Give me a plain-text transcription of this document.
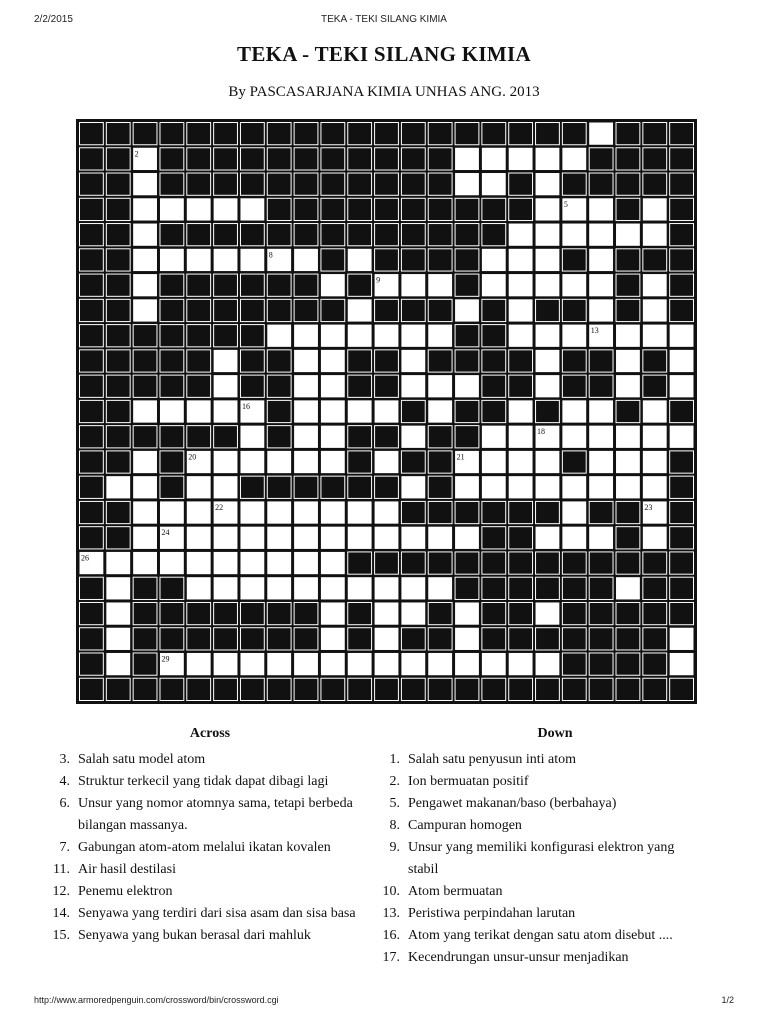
2/2/2015	TEKA - TEKI SILANG KIMIA
TEKA - TEKI SILANG KIMIA
By PASCASARJANA KIMIA UNHAS ANG. 2013
2
5
8
9
13
16
18
20	21
22	23
24
26
29
Across	Down
3. Salah satu model atom
4. Struktur terkecil yang tidak dapat dibagi lagi
6. Unsur yang nomor atomnya sama, tetapi berbeda bilangan massanya.
7. Gabungan atom-atom melalui ikatan kovalen
11. Air hasil destilasi
12. Penemu elektron
14. Senyawa yang terdiri dari sisa asam dan sisa basa
15. Senyawa yang bukan berasal dari mahluk
1. Salah satu penyusun inti atom
2. Ion bermuatan positif
5. Pengawet makanan/baso (berbahaya)
8. Campuran homogen
9. Unsur yang memiliki konfigurasi elektron yang stabil
10. Atom bermuatan
13. Peristiwa perpindahan larutan
16. Atom yang terikat dengan satu atom disebut ....
17. Kecendrungan unsur-unsur menjadikan
http://www.armoredpenguin.com/crossword/bin/crossword.cgi	1/2
